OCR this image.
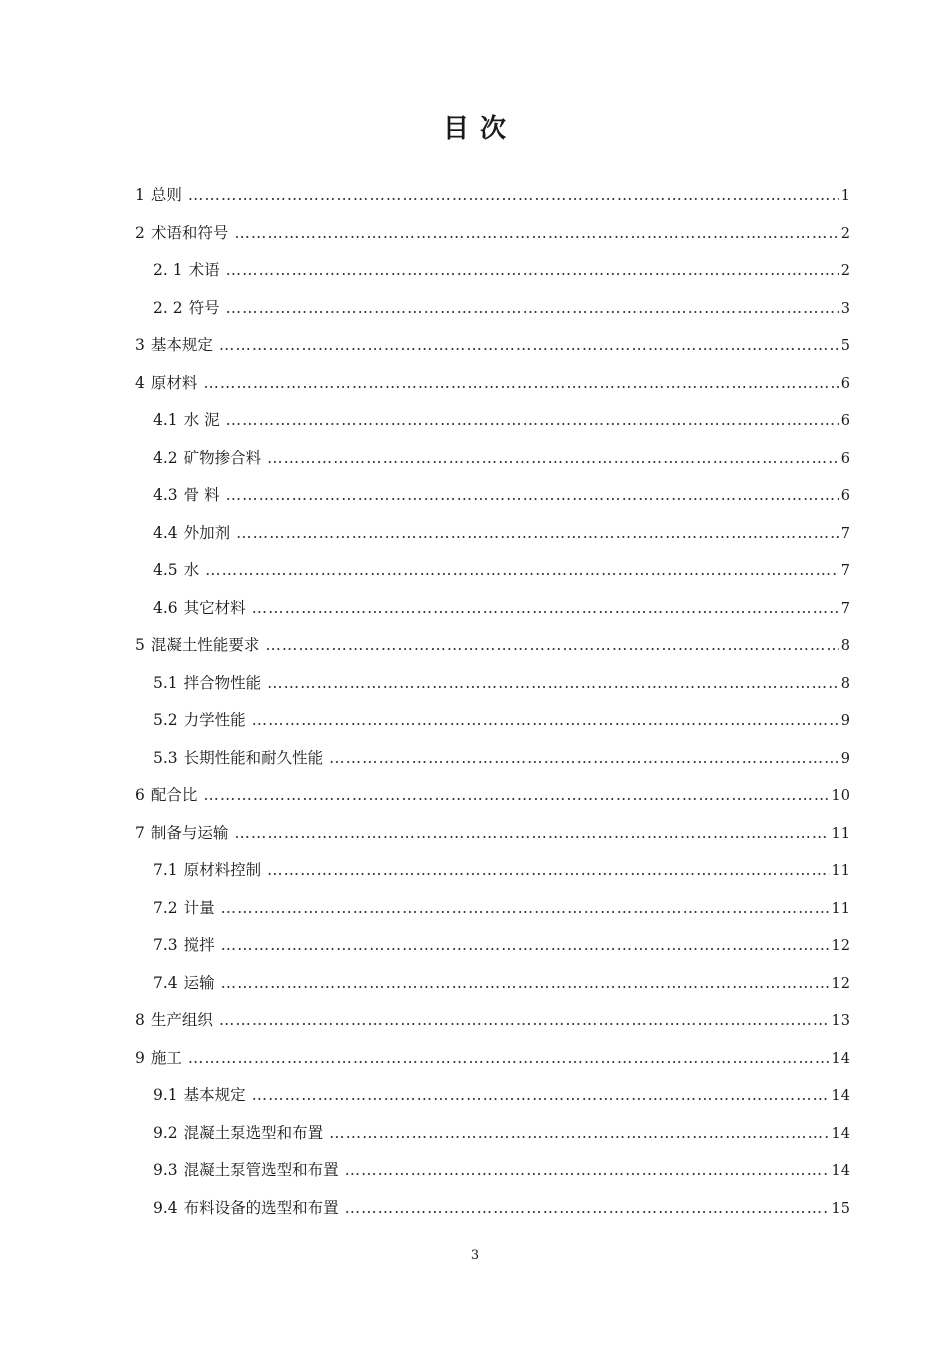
目 次
1 总则 ………………………………………………………………………………………………………………………………………………………………………………………………………………	1
2 术语和符号 ………………………………………………………………………………………………………………………………………………………………………………………………………………	2
2. 1 术语 ………………………………………………………………………………………………………………………………………………………………………………………………………………	2
2. 2 符号 ………………………………………………………………………………………………………………………………………………………………………………………………………………	3
3 基本规定 ………………………………………………………………………………………………………………………………………………………………………………………………………………	5
4 原材料 ………………………………………………………………………………………………………………………………………………………………………………………………………………	6
4.1 水 泥 ………………………………………………………………………………………………………………………………………………………………………………………………………………	6
4.2 矿物掺合料 ………………………………………………………………………………………………………………………………………………………………………………………………………………	6
4.3 骨 料 ………………………………………………………………………………………………………………………………………………………………………………………………………………	6
4.4 外加剂 ………………………………………………………………………………………………………………………………………………………………………………………………………………	7
4.5 水 ………………………………………………………………………………………………………………………………………………………………………………………………………………	7
4.6 其它材料 ………………………………………………………………………………………………………………………………………………………………………………………………………………	7
5 混凝土性能要求 ………………………………………………………………………………………………………………………………………………………………………………………………………………	8
5.1 拌合物性能 ………………………………………………………………………………………………………………………………………………………………………………………………………………	8
5.2 力学性能 ………………………………………………………………………………………………………………………………………………………………………………………………………………	9
5.3 长期性能和耐久性能 ………………………………………………………………………………………………………………………………………………………………………………………………………………	9
6 配合比 ………………………………………………………………………………………………………………………………………………………………………………………………………………	10
7 制备与运输 ………………………………………………………………………………………………………………………………………………………………………………………………………………	11
7.1 原材料控制 ………………………………………………………………………………………………………………………………………………………………………………………………………………	11
7.2 计量 ………………………………………………………………………………………………………………………………………………………………………………………………………………	11
7.3 搅拌 ………………………………………………………………………………………………………………………………………………………………………………………………………………	12
7.4 运输 ………………………………………………………………………………………………………………………………………………………………………………………………………………	12
8 生产组织 ………………………………………………………………………………………………………………………………………………………………………………………………………………	13
9 施工 ………………………………………………………………………………………………………………………………………………………………………………………………………………	14
9.1 基本规定 ………………………………………………………………………………………………………………………………………………………………………………………………………………	14
9.2 混凝土泵选型和布置 ………………………………………………………………………………………………………………………………………………………………………………………………………………	14
9.3 混凝土泵管选型和布置 ………………………………………………………………………………………………………………………………………………………………………………………………………………	14
9.4 布料设备的选型和布置 ………………………………………………………………………………………………………………………………………………………………………………………………………………	15
3
